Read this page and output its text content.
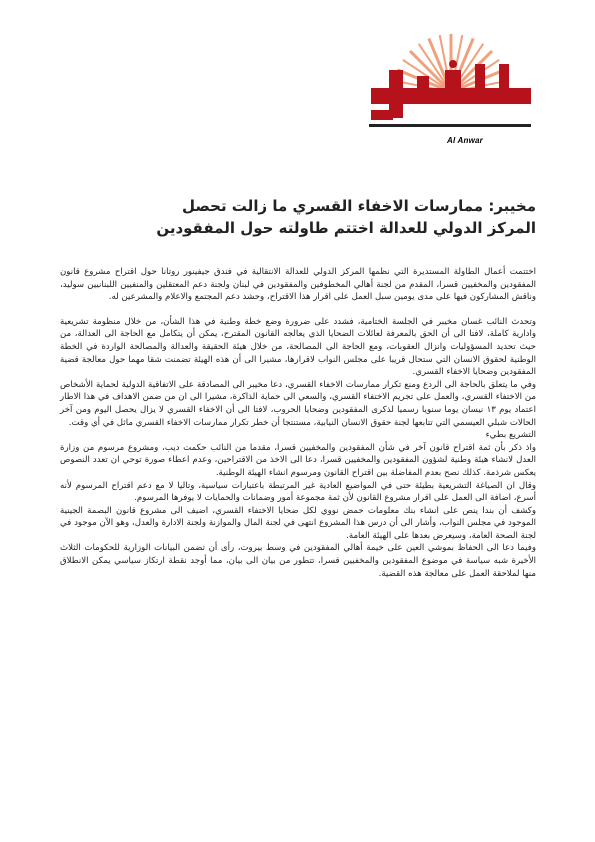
Al Anwar
مخيبر: ممارسات الاخفاء القسري ما زالت تحصل
المركز الدولي للعدالة اختتم طاولته حول المفقودين

اختتمت أعمال الطاولة المستديرة التي نظمها المركز الدولي للعدالة الانتقالية في فندق جيفينور روتانا حول اقتراح مشروع قانون المفقودين والمخفيين قسرا، المقدم من لجنة أهالي المخطوفين والمفقودين في لبنان ولجنة دعم المعتقلين والمنفيين اللبنانيين سوليد، وناقش المشاركون فيها على مدى يومين سبل العمل على اقرار هذا الاقتراح، وحشد دعم المجتمع والاعلام والمشرعين له.

وتحدث النائب غسان مخيبر في الجلسة الختامية، فشدد على ضرورة وضع خطة وطنية في هذا الشأن، من خلال منظومة تشريعية وادارية كاملة، لافتا الى أن الحق بالمعرفة لعائلات الضحايا الذي يعالجه القانون المقترح، يمكن أن يتكامل مع الحاجة الى العدالة، من حيث تحديد المسؤوليات وانزال العقوبات، ومع الحاجة الى المصالحة، من خلال هيئة الحقيقة والعدالة والمصالحة الواردة في الخطة الوطنية لحقوق الانسان التي ستحال قريبا على مجلس النواب لاقرارها، مشيرا الى أن هذه الهيئة تضمنت شقا مهما حول معالجة قضية المفقودين وضحايا الاخفاء القسري.

وفي ما يتعلق بالحاجة الى الردع ومنع تكرار ممارسات الاخفاء القسري، دعا مخيبر الى المصادقة على الاتفاقية الدولية لحماية الأشخاص من الاختفاء القسري، والعمل على تجريم الاختفاء القسري، والسعي الى حماية الذاكرة، مشيرا الى ان من ضمن الاهداف في هذا الاطار اعتماد يوم ١٣ نيسان يوما سنويا رسميا لذكرى المفقودين وضحايا الحروب، لافتا الى أن الاخفاء القسري لا يزال يحصل اليوم ومن آخر الحالات شبلي العيسمي التي تتابعها لجنة حقوق الانسان النيابية، مستنتجا أن خطر تكرار ممارسات الاخفاء القسري ماثل في أي وقت.

التشريع بطيء

واذ ذكر بأن ثمة اقتراح قانون آخر في شأن المفقودين والمخفيين قسرا، مقدما من النائب حكمت ديب، ومشروع مرسوم من وزارة العدل لانشاء هيئة وطنية لشؤون المفقودين والمخفيين قسرا، دعا الى الاخذ من الاقتراحين، وعدم اعطاء صورة توحي ان تعدد النصوص يعكس شرذمة. كذلك نصح بعدم المفاضلة بين اقتراح القانون ومرسوم انشاء الهيئة الوطنية.

وقال ان الصياغة التشريعية بطيئة حتى في المواضيع العادية غير المرتبطة باعتبارات سياسية، وتاليا لا مع دعم اقتراح المرسوم لأنه أسرع، اضافة الى العمل على اقرار مشروع القانون لأن ثمة مجموعة أمور وضمانات والحمايات لا يوفرها المرسوم.

وكشف أن بندا ينص على انشاء بنك معلومات حمض نووي لكل ضحايا الاختفاء القسري، اضيف الى مشروع قانون البصمة الجينية الموجود في مجلس النواب، وأشار الى أن درس هذا المشروع انتهى في لجنة المال والموازنة ولجنة الادارة والعدل، وهو الآن موجود في لجنة الصحة العامة، وسيعرض بعدها على الهيئة العامة.

وفيما دعا الى الحفاظ بموشي العين على خيمة أهالي المفقودين في وسط بيروت، رأى أن تضمن البيانات الوزارية للحكومات الثلاث الأخيرة شبه سياسة في موضوع المفقودين والمخفيين قسرا، تتطور من بيان الى بيان، مما أوجد نقطة ارتكاز سياسي يمكن الانطلاق منها لملاحقة العمل على معالجة هذه القضية.
